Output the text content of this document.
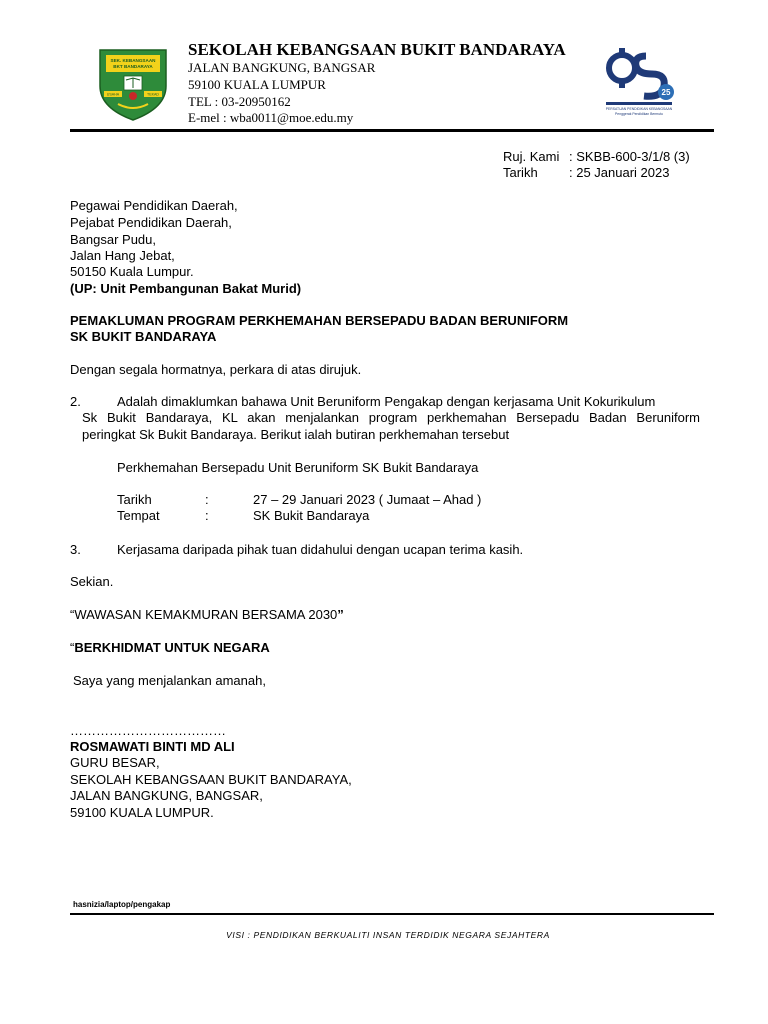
SEK. KEBANGSAAN
BKT BANDARAYA
USAHA	TEKAD
SEKOLAH KEBANGSAAN BUKIT BANDARAYA
JALAN BANGKUNG, BANGSAR
59100 KUALA LUMPUR
TEL : 03-20950162
E-mel : wba0011@moe.edu.my
25
PERSATUAN PENDIDIKAN KEBANGSAAN
Penggerak Pendidikan Bermutu
Ruj. Kami : SKBB-600-3/1/8 (3)
Tarikh : 25 Januari 2023
Pegawai Pendidikan Daerah,
Pejabat Pendidikan Daerah,
Bangsar Pudu,
Jalan Hang Jebat,
50150 Kuala Lumpur.
(UP: Unit Pembangunan Bakat Murid)
PEMAKLUMAN PROGRAM PERKHEMAHAN BERSEPADU BADAN BERUNIFORM
SK BUKIT BANDARAYA
Dengan segala hormatnya, perkara di atas dirujuk.
2.	Adalah dimaklumkan bahawa Unit Beruniform Pengakap dengan kerjasama Unit Kokurikulum
Sk Bukit Bandaraya, KL akan menjalankan program perkhemahan Bersepadu Badan Beruniform
peringkat Sk Bukit Bandaraya. Berikut ialah butiran perkhemahan tersebut
Perkhemahan Bersepadu Unit Beruniform SK Bukit Bandaraya
Tarikh	:	27 – 29 Januari 2023 ( Jumaat – Ahad )
Tempat	:	SK Bukit Bandaraya
3.	Kerjasama daripada pihak tuan didahului dengan ucapan terima kasih.
Sekian.
“WAWASAN KEMAKMURAN BERSAMA 2030”
“BERKHIDMAT UNTUK NEGARA
Saya yang menjalankan amanah,
………………………………
ROSMAWATI BINTI MD ALI
GURU BESAR,
SEKOLAH KEBANGSAAN BUKIT BANDARAYA,
JALAN BANGKUNG, BANGSAR,
59100 KUALA LUMPUR.
hasnizia/laptop/pengakap
VISI : PENDIDIKAN BERKUALITI INSAN TERDIDIK NEGARA SEJAHTERA
